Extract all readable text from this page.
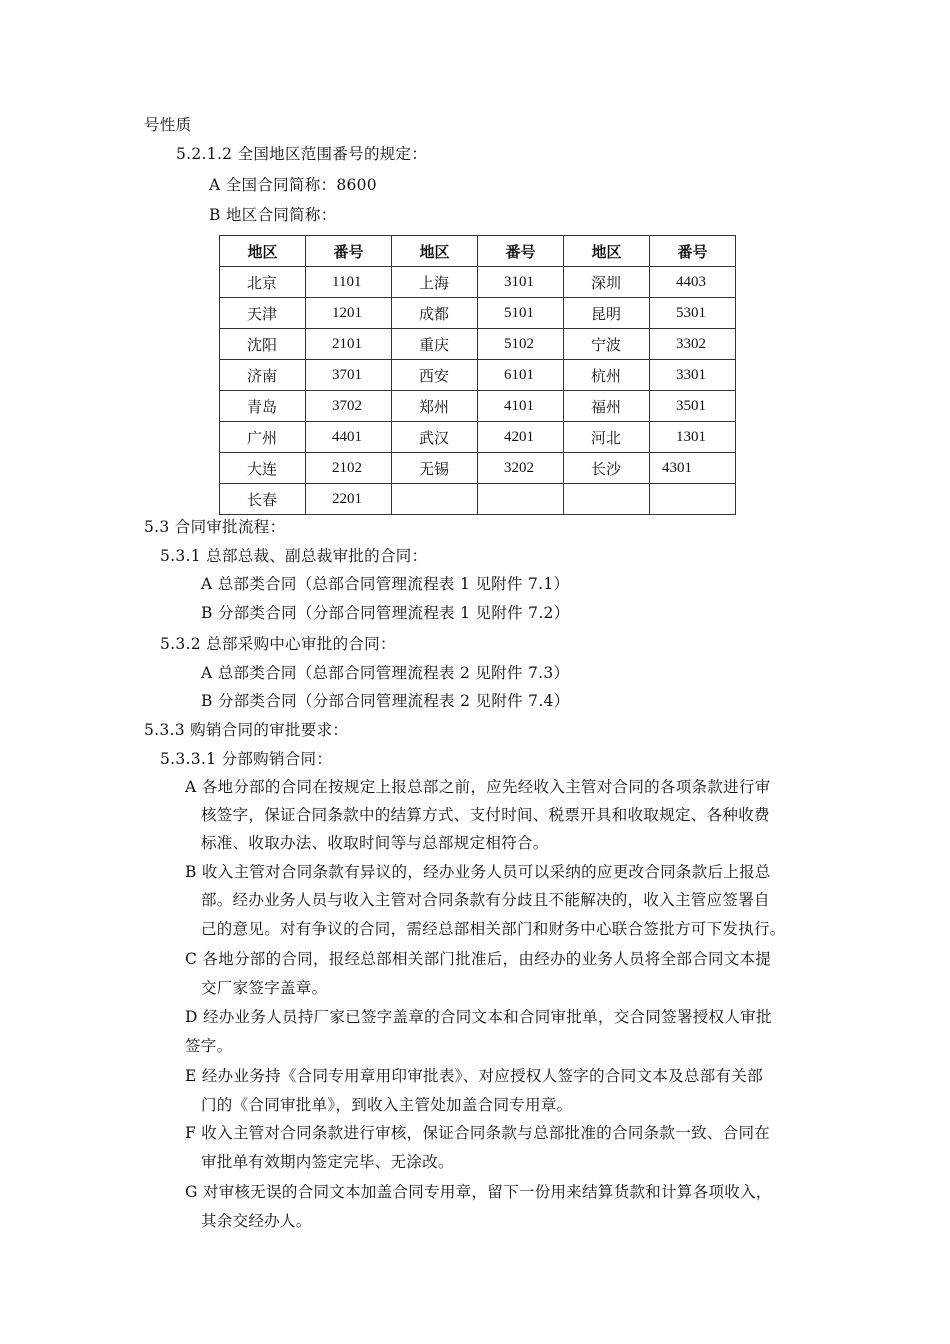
号性质
5.2.1.2 全国地区范围番号的规定：
A 全国合同简称：8600
B 地区合同简称：
地区	番号	地区	番号	地区	番号
北京	1101	上海	3101	深圳	4403
天津	1201	成都	5101	昆明	5301
沈阳	2101	重庆	5102	宁波	3302
济南	3701	西安	6101	杭州	3301
青岛	3702	郑州	4101	福州	3501
广州	4401	武汉	4201	河北	1301
大连	2102	无锡	3202	长沙	4301
长春	2201				
5.3 合同审批流程：
5.3.1 总部总裁、副总裁审批的合同：
A 总部类合同（总部合同管理流程表 1 见附件 7.1）
B 分部类合同（分部合同管理流程表 1 见附件 7.2）
5.3.2 总部采购中心审批的合同：
A 总部类合同（总部合同管理流程表 2 见附件 7.3）
B 分部类合同（分部合同管理流程表 2 见附件 7.4）
5.3.3 购销合同的审批要求：
5.3.3.1 分部购销合同：
A 各地分部的合同在按规定上报总部之前，应先经收入主管对合同的各项条款进行审
核签字，保证合同条款中的结算方式、支付时间、税票开具和收取规定、各种收费
标准、收取办法、收取时间等与总部规定相符合。
B 收入主管对合同条款有异议的，经办业务人员可以采纳的应更改合同条款后上报总
部。经办业务人员与收入主管对合同条款有分歧且不能解决的，收入主管应签署自
己的意见。对有争议的合同，需经总部相关部门和财务中心联合签批方可下发执行。
C 各地分部的合同，报经总部相关部门批准后，由经办的业务人员将全部合同文本提
交厂家签字盖章。
D 经办业务人员持厂家已签字盖章的合同文本和合同审批单，交合同签署授权人审批
签字。
E 经办业务持《合同专用章用印审批表》、对应授权人签字的合同文本及总部有关部
门的《合同审批单》，到收入主管处加盖合同专用章。
F 收入主管对合同条款进行审核，保证合同条款与总部批准的合同条款一致、合同在
审批单有效期内签定完毕、无涂改。
G 对审核无误的合同文本加盖合同专用章，留下一份用来结算货款和计算各项收入，
其余交经办人。
